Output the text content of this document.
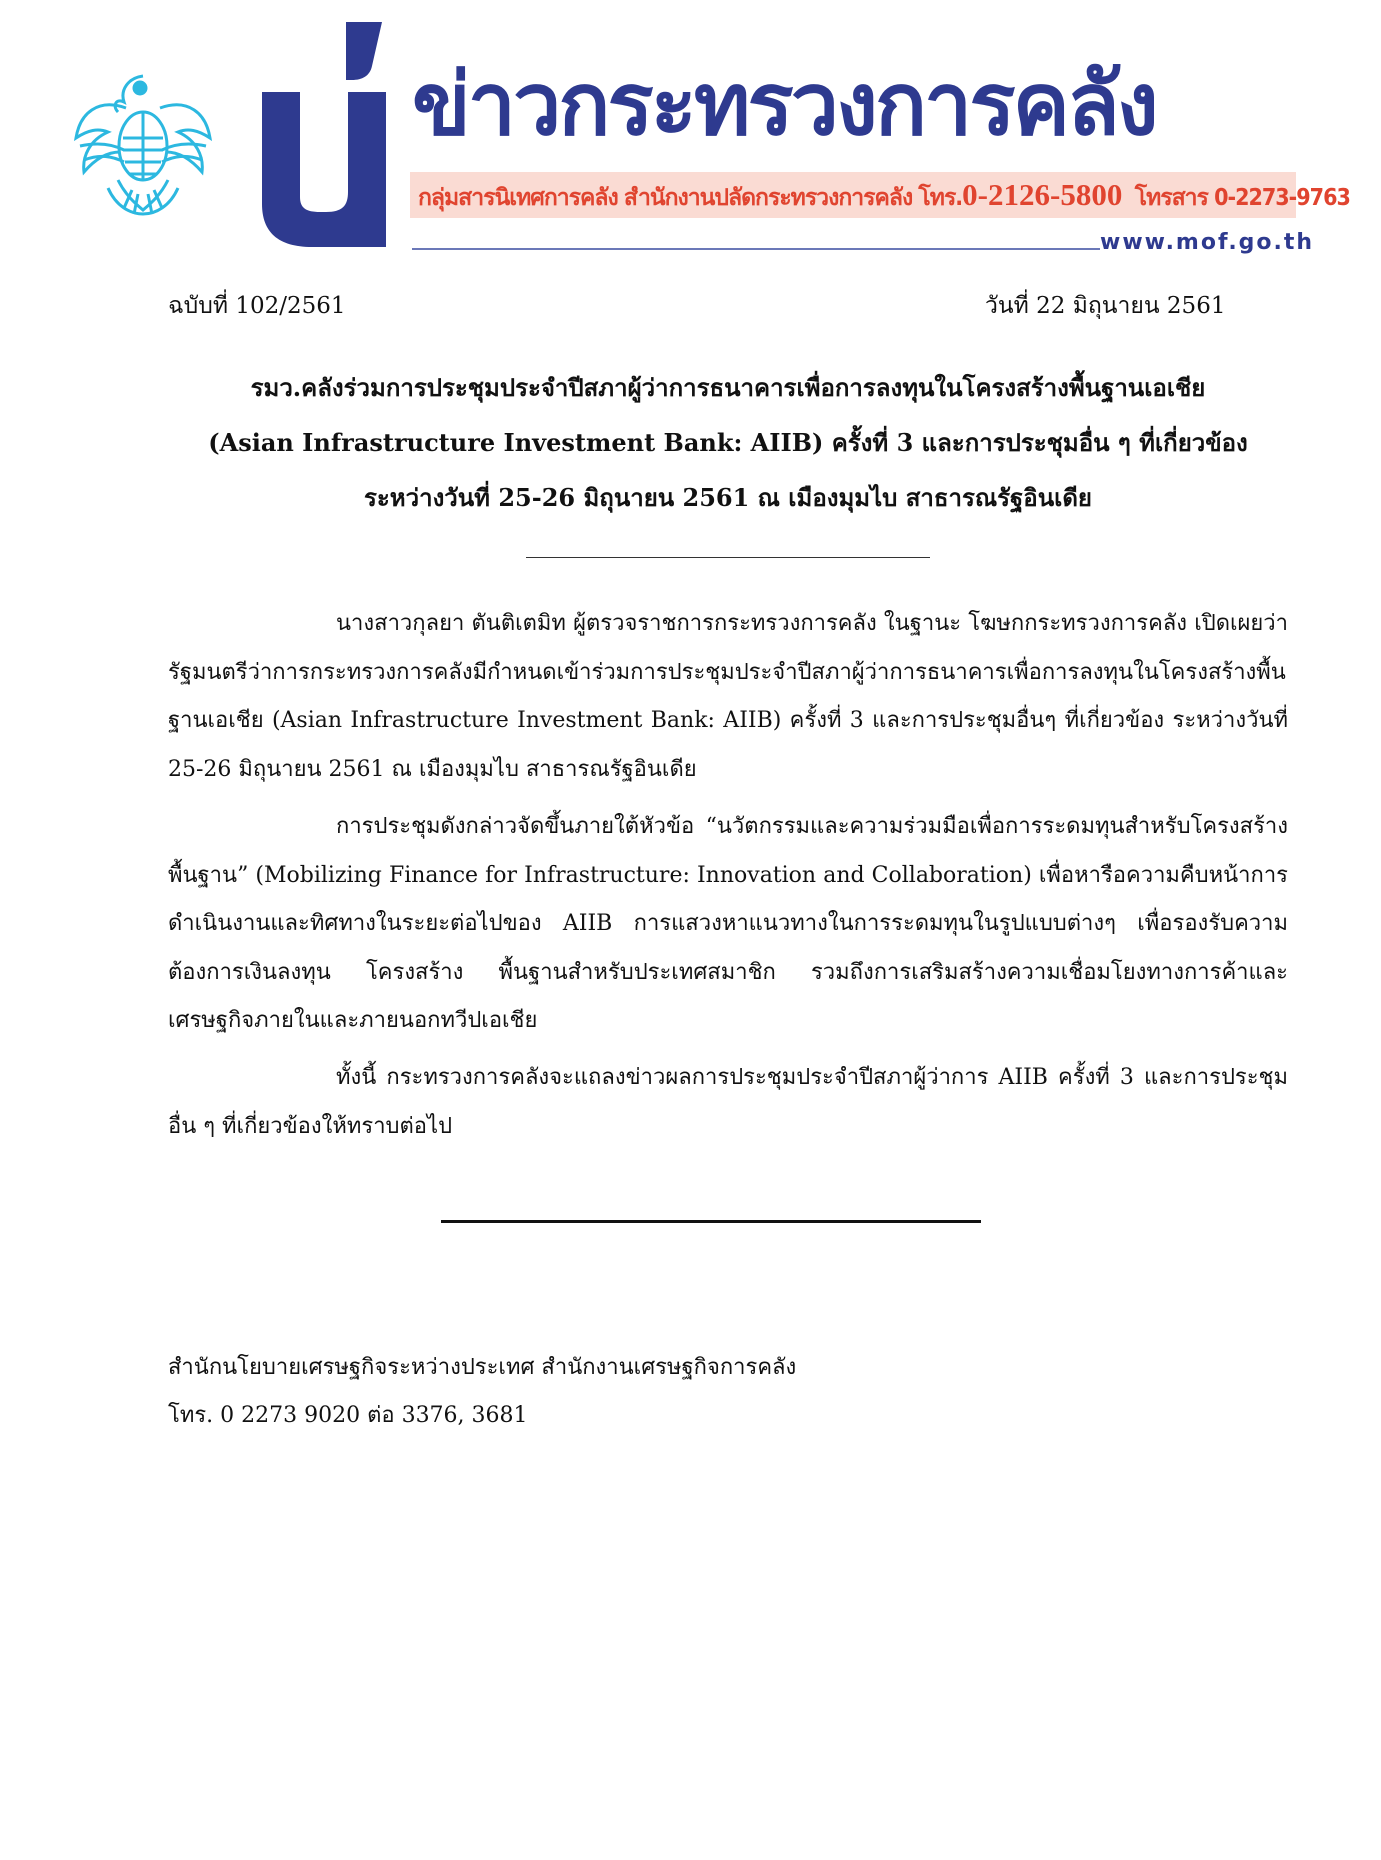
ข่าวกระทรวงการคลัง
กลุ่มสารนิเทศการคลัง สำนักงานปลัดกระทรวงการคลัง โทร.0-2126-5800 โทรสาร 0-2273-9763
www.mof.go.th
ฉบับที่ 102/2561	วันที่ 22 มิถุนายน 2561
รมว.คลังร่วมการประชุมประจำปีสภาผู้ว่าการธนาคารเพื่อการลงทุนในโครงสร้างพื้นฐานเอเชีย
(Asian Infrastructure Investment Bank: AIIB) ครั้งที่ 3 และการประชุมอื่น ๆ ที่เกี่ยวข้อง
ระหว่างวันที่ 25-26 มิถุนายน 2561 ณ เมืองมุมไบ สาธารณรัฐอินเดีย
นางสาวกุลยา ตันติเตมิท ผู้ตรวจราชการกระทรวงการคลัง ในฐานะ โฆษกกระทรวงการคลัง เปิดเผยว่า รัฐมนตรีว่าการกระทรวงการคลังมีกำหนดเข้าร่วมการประชุมประจำปีสภาผู้ว่าการธนาคารเพื่อการลงทุนในโครงสร้างพื้นฐานเอเชีย (Asian Infrastructure Investment Bank: AIIB) ครั้งที่ 3 และการประชุมอื่นๆ ที่เกี่ยวข้อง ระหว่างวันที่ 25-26 มิถุนายน 2561 ณ เมืองมุมไบ สาธารณรัฐอินเดีย
การประชุมดังกล่าวจัดขึ้นภายใต้หัวข้อ “นวัตกรรมและความร่วมมือเพื่อการระดมทุนสำหรับโครงสร้างพื้นฐาน” (Mobilizing Finance for Infrastructure: Innovation and Collaboration) เพื่อหารือความคืบหน้าการดำเนินงานและทิศทางในระยะต่อไปของ AIIB การแสวงหาแนวทางในการระดมทุนในรูปแบบต่างๆ เพื่อรองรับความต้องการเงินลงทุน โครงสร้าง พื้นฐานสำหรับประเทศสมาชิก รวมถึงการเสริมสร้างความเชื่อมโยงทางการค้าและเศรษฐกิจภายในและภายนอกทวีปเอเชีย
ทั้งนี้ กระทรวงการคลังจะแถลงข่าวผลการประชุมประจำปีสภาผู้ว่าการ AIIB ครั้งที่ 3 และการประชุมอื่น ๆ ที่เกี่ยวข้องให้ทราบต่อไป
สำนักนโยบายเศรษฐกิจระหว่างประเทศ สำนักงานเศรษฐกิจการคลัง
โทร. 0 2273 9020 ต่อ 3376, 3681
